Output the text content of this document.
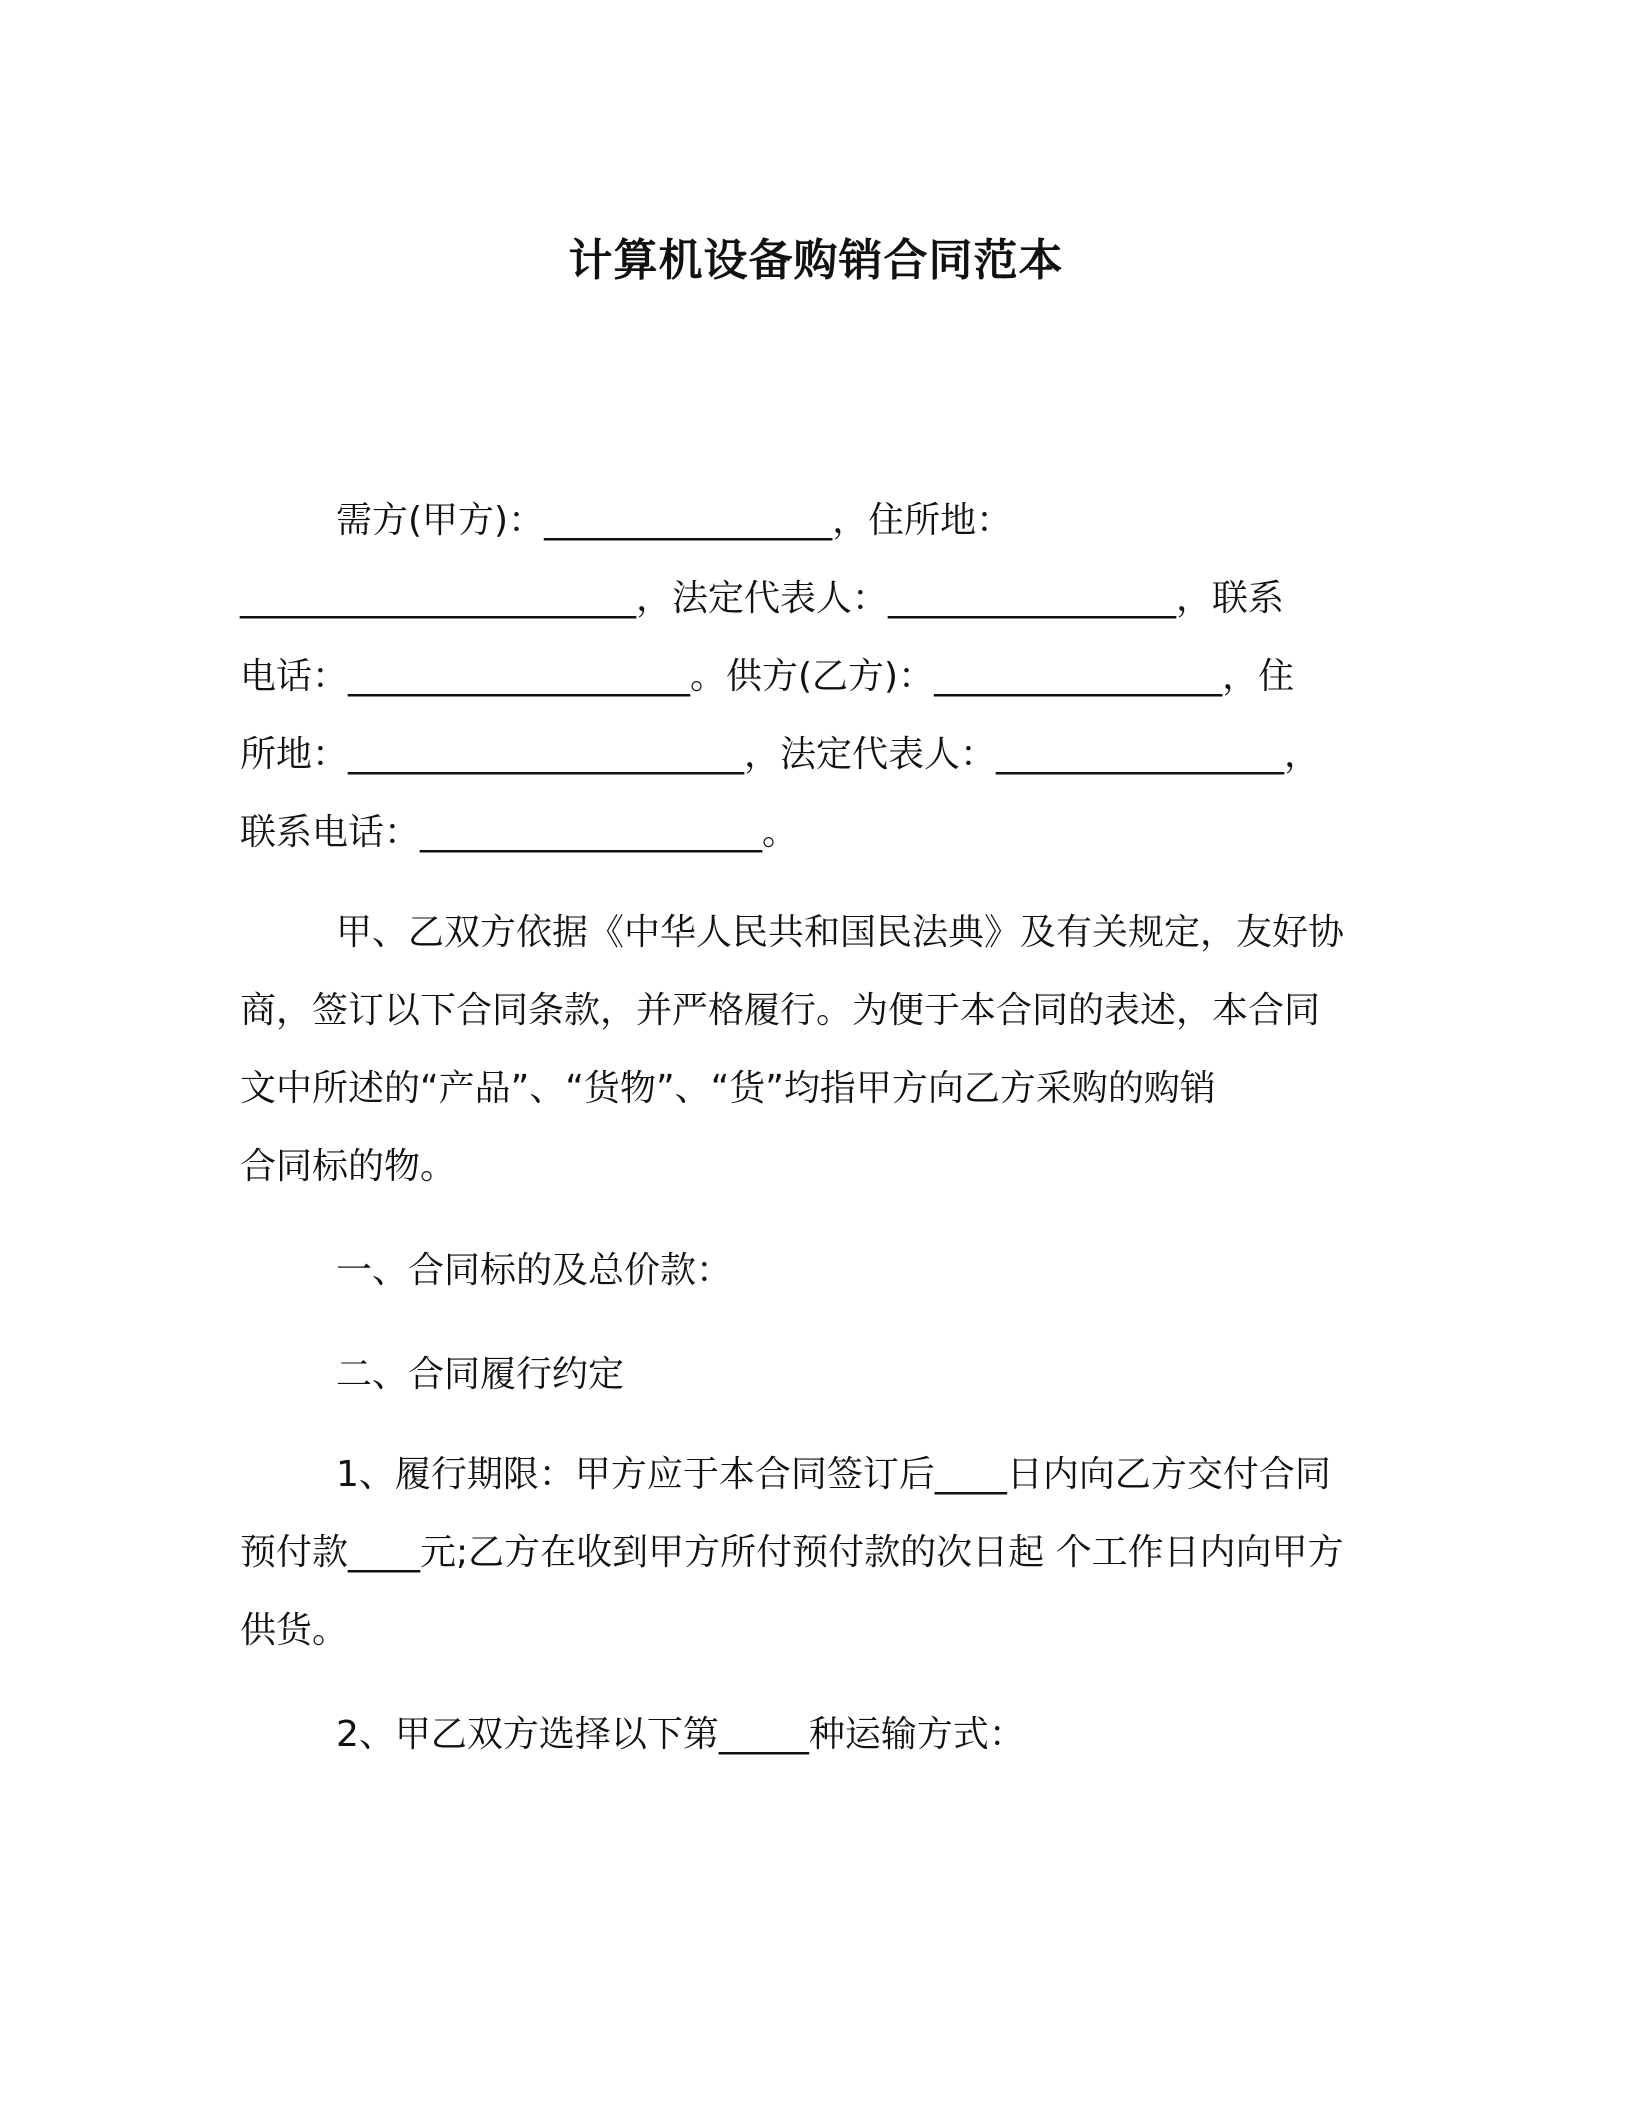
计算机设备购销合同范本

需方(甲方)：________________，住所地：

______________________，法定代表人：________________，联系

电话：___________________。供方(乙方)：________________，住

所地：______________________，法定代表人：________________，

联系电话：___________________。

甲、乙双方依据《中华人民共和国民法典》及有关规定，友好协

商，签订以下合同条款，并严格履行。为便于本合同的表述，本合同

文中所述的“产品”、“货物”、“货”均指甲方向乙方采购的购销

合同标的物。

一、合同标的及总价款：

二、合同履行约定

1、履行期限：甲方应于本合同签订后____日内向乙方交付合同

预付款____元;乙方在收到甲方所付预付款的次日起 个工作日内向甲方

供货。

2、甲乙双方选择以下第_____种运输方式：
